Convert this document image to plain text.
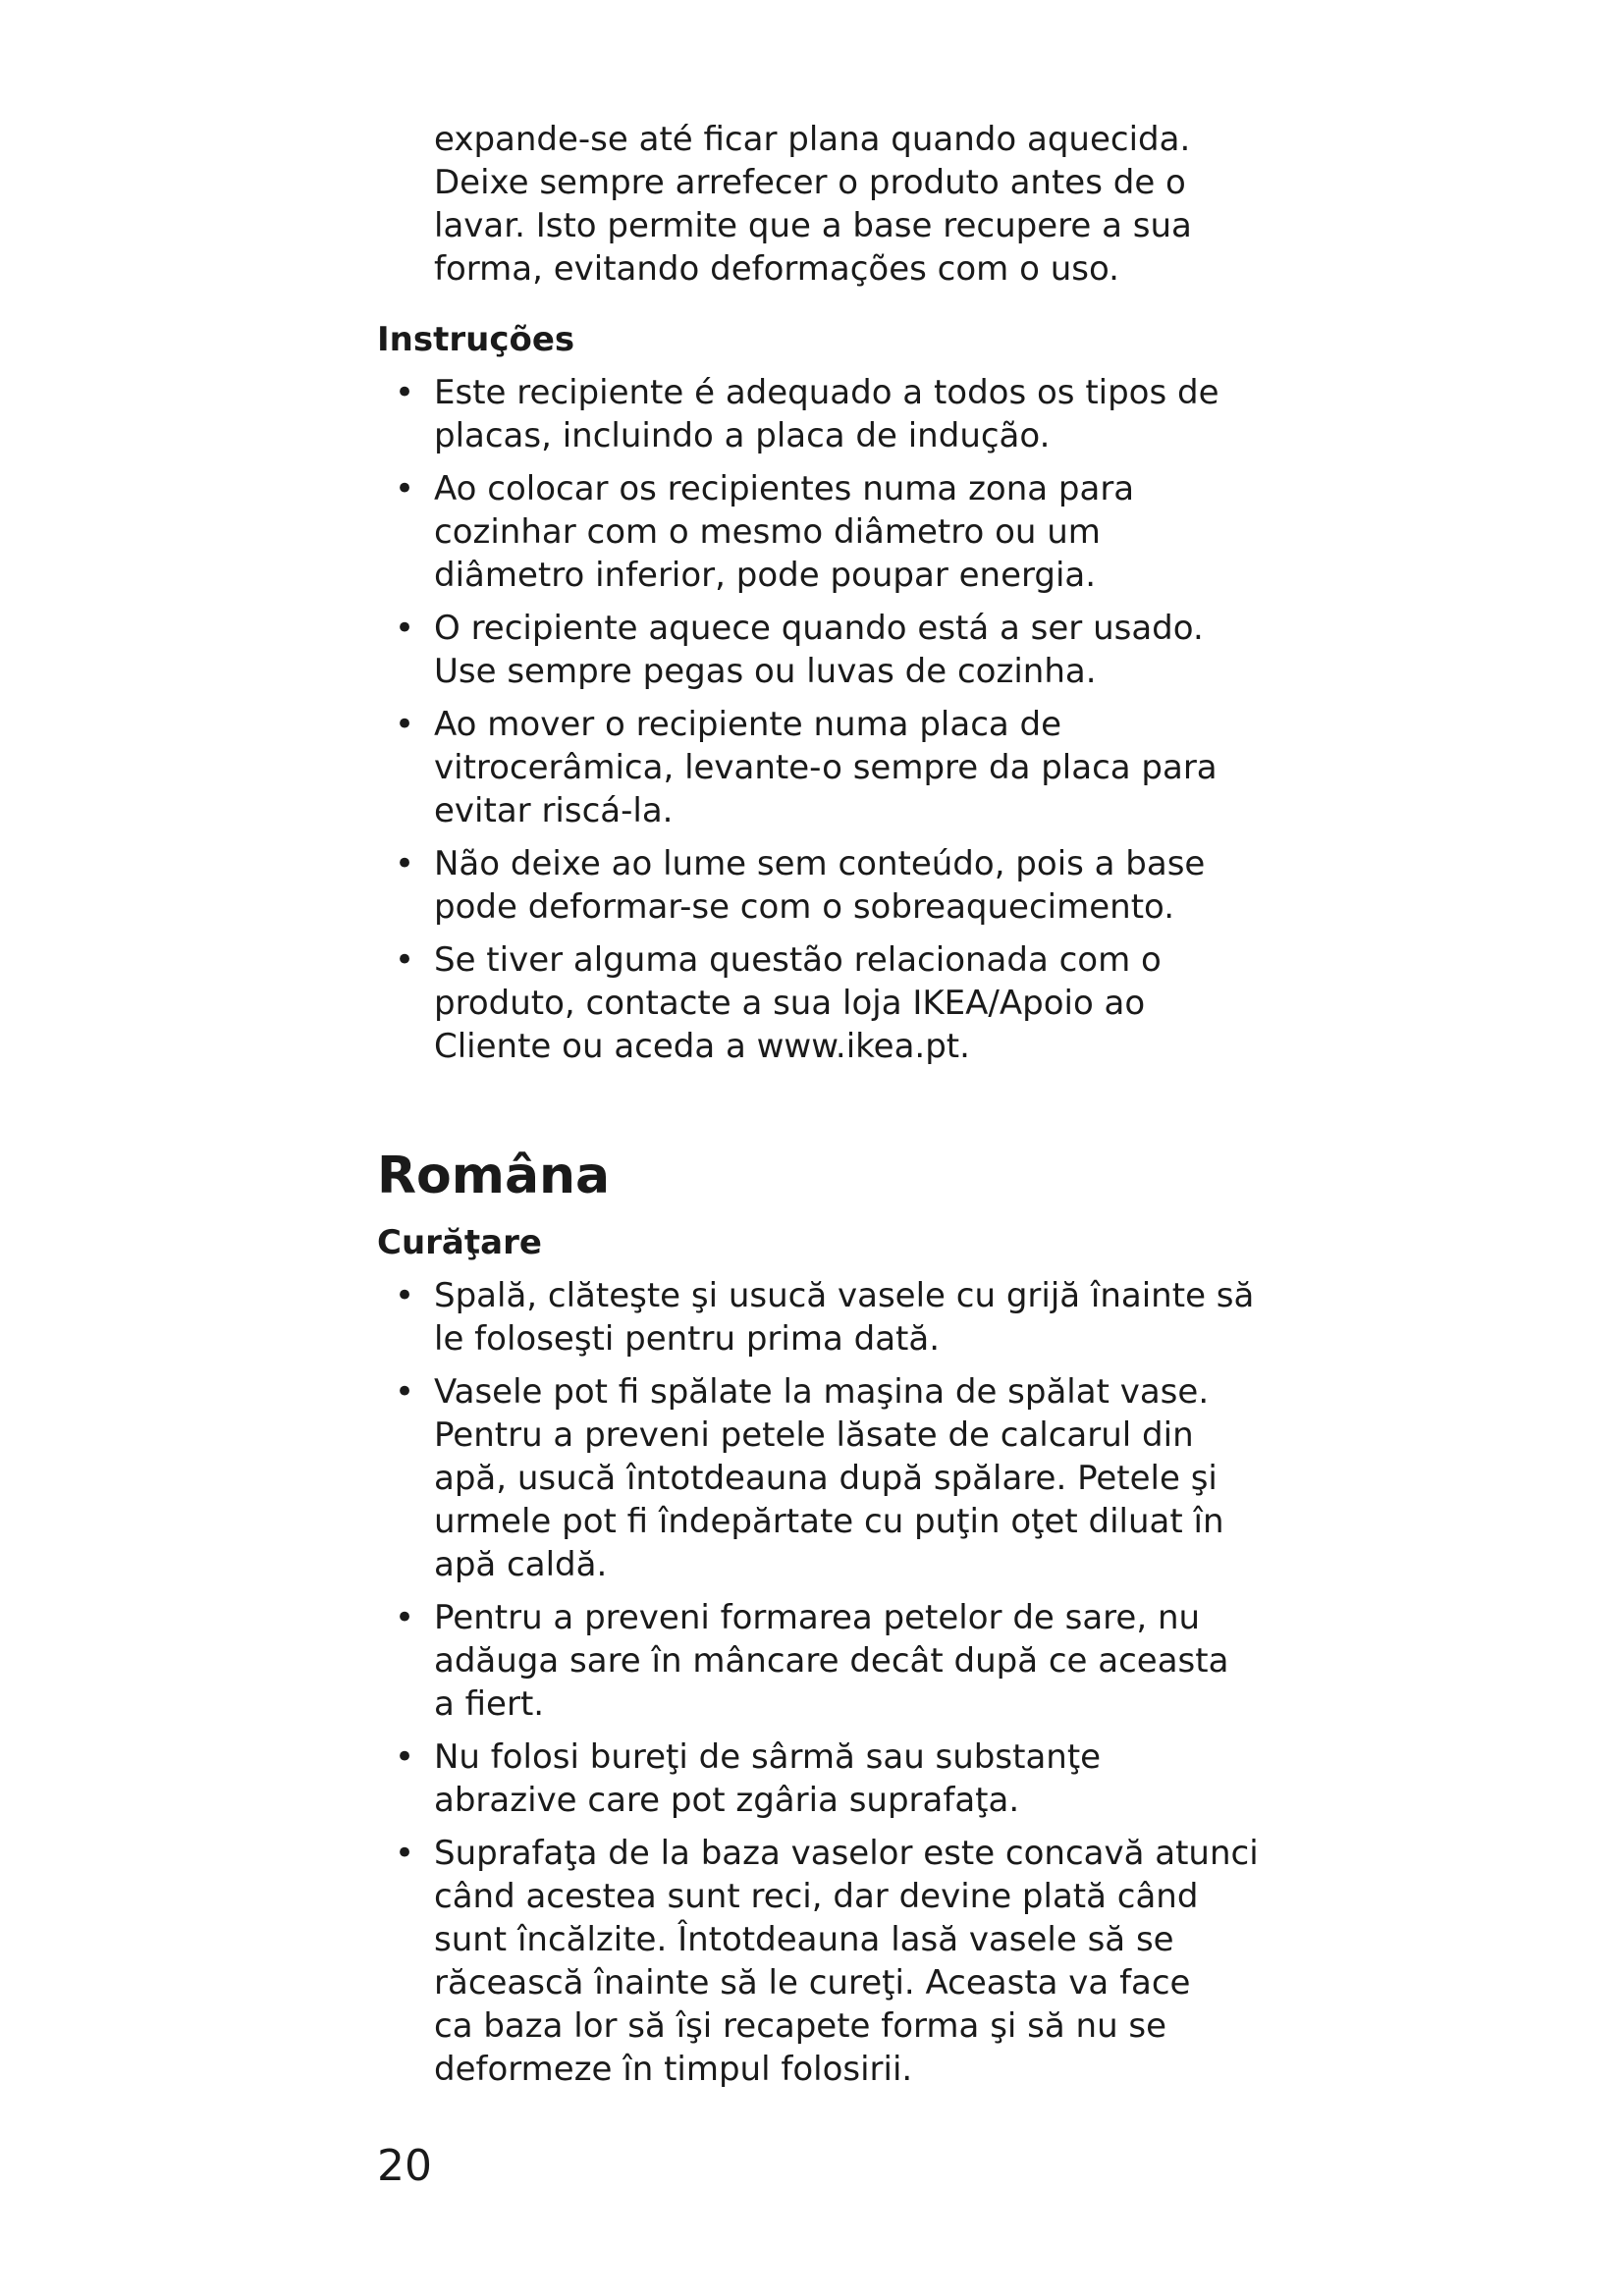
expande-se até ficar plana quando aquecida.
Deixe sempre arrefecer o produto antes de o
lavar. Isto permite que a base recupere a sua
forma, evitando deformações com o uso.
Instruções
• Este recipiente é adequado a todos os tipos de
placas, incluindo a placa de indução.
• Ao colocar os recipientes numa zona para
cozinhar com o mesmo diâmetro ou um
diâmetro inferior, pode poupar energia.
• O recipiente aquece quando está a ser usado.
Use sempre pegas ou luvas de cozinha.
• Ao mover o recipiente numa placa de
vitrocerâmica, levante-o sempre da placa para
evitar riscá-la.
• Não deixe ao lume sem conteúdo, pois a base
pode deformar-se com o sobreaquecimento.
• Se tiver alguma questão relacionada com o
produto, contacte a sua loja IKEA/Apoio ao
Cliente ou aceda a www.ikea.pt.
Româna
Curăţare
• Spală, clăteşte şi usucă vasele cu grijă înainte să
le foloseşti pentru prima dată.
• Vasele pot fi spălate la maşina de spălat vase.
Pentru a preveni petele lăsate de calcarul din
apă, usucă întotdeauna după spălare. Petele şi
urmele pot fi îndepărtate cu puţin oţet diluat în
apă caldă.
• Pentru a preveni formarea petelor de sare, nu
adăuga sare în mâncare decât după ce aceasta
a fiert.
• Nu folosi bureţi de sârmă sau substanţe
abrazive care pot zgâria suprafaţa.
• Suprafaţa de la baza vaselor este concavă atunci
când acestea sunt reci, dar devine plată când
sunt încălzite. Întotdeauna lasă vasele să se
răcească înainte să le cureţi. Aceasta va face
ca baza lor să îşi recapete forma şi să nu se
deformeze în timpul folosirii.
20
